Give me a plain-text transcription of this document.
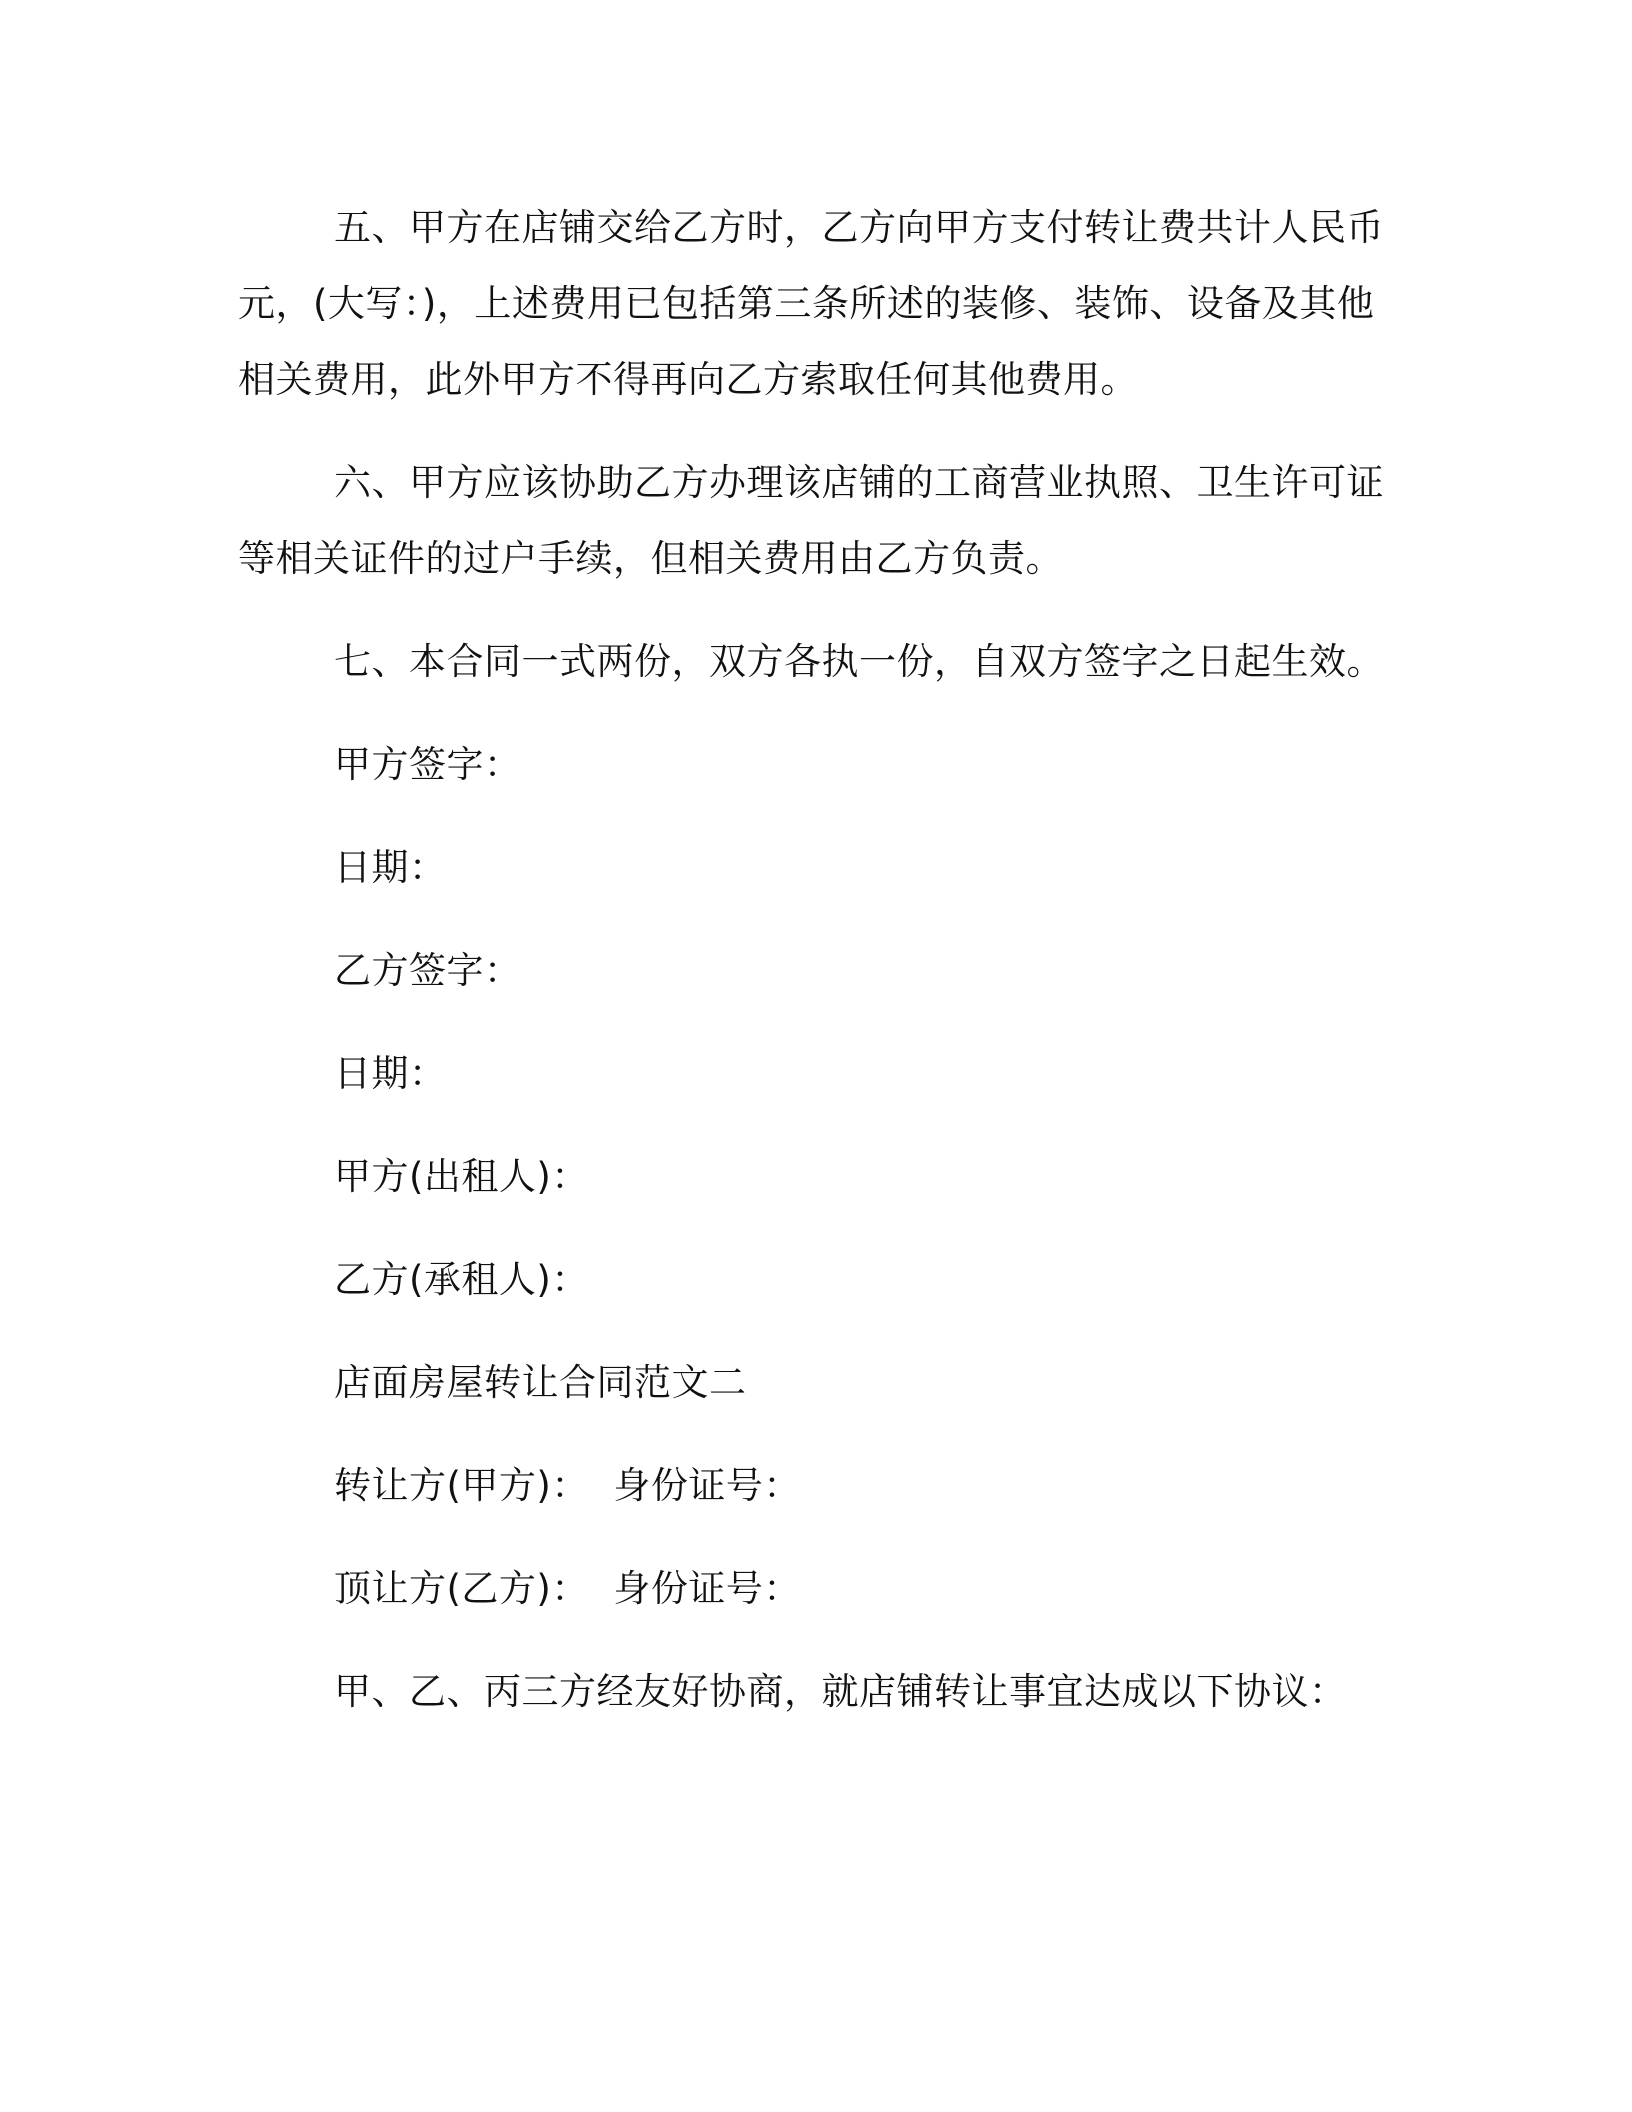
五、甲方在店铺交给乙方时，乙方向甲方支付转让费共计人民币元，(大写：)，上述费用已包括第三条所述的装修、装饰、设备及其他相关费用，此外甲方不得再向乙方索取任何其他费用。

六、甲方应该协助乙方办理该店铺的工商营业执照、卫生许可证等相关证件的过户手续，但相关费用由乙方负责。

七、本合同一式两份，双方各执一份，自双方签字之日起生效。
甲方签字：
日期：
乙方签字：
日期：
甲方(出租人)：
乙方(承租人)：
店面房屋转让合同范文二
转让方(甲方)：  身份证号：
顶让方(乙方)：  身份证号：
甲、乙、丙三方经友好协商，就店铺转让事宜达成以下协议：
